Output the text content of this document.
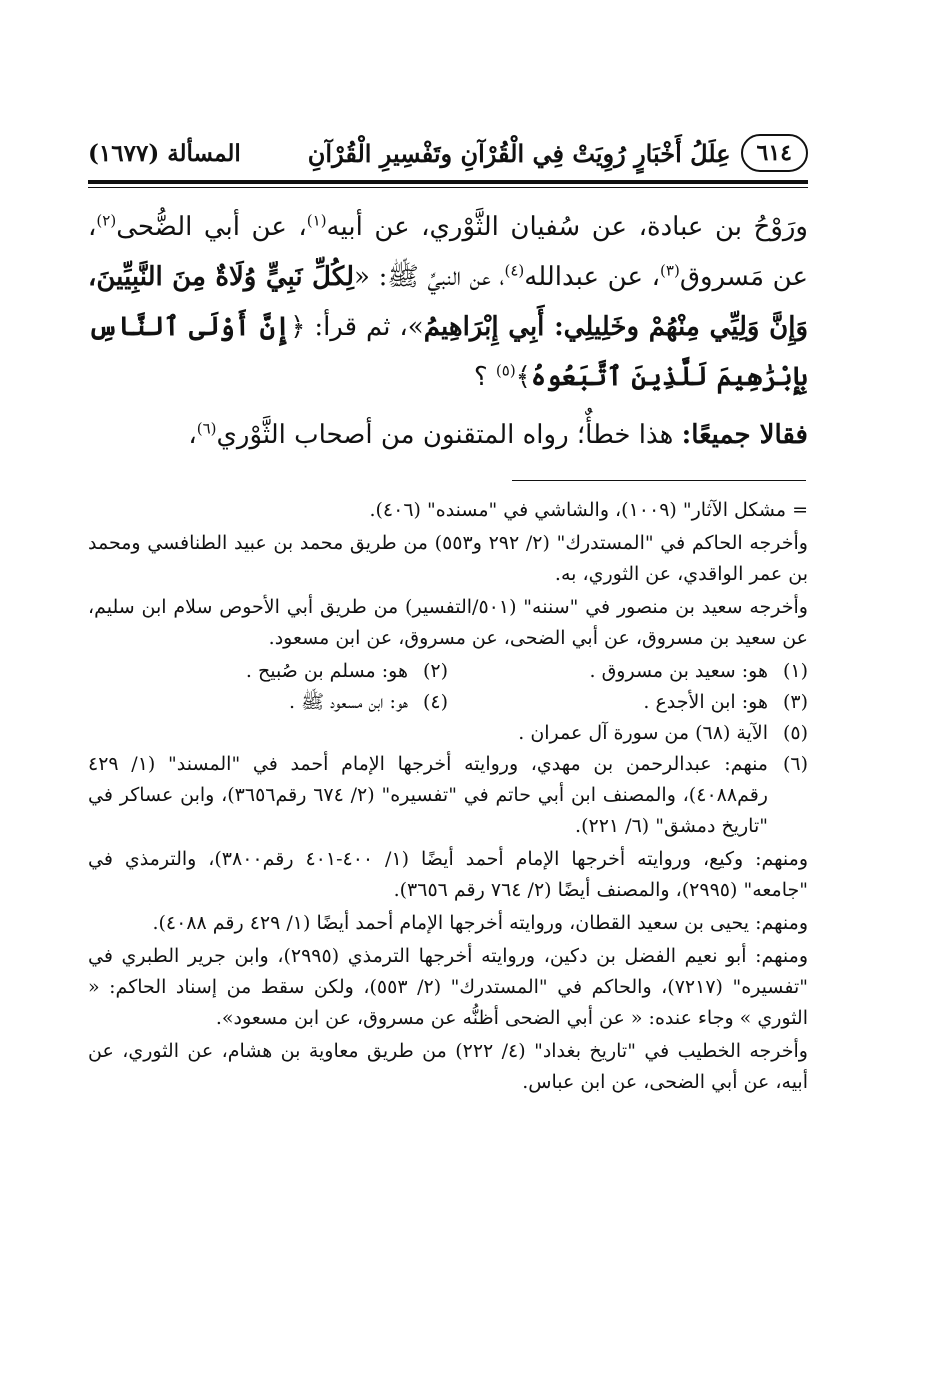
٦١٤
عِلَلُ أَخْبَارٍ رُوِيَتْ فِي الْقُرْآنِ وتَفْسِيرِ الْقُرْآنِ
المسألة (١٦٧٧)

ورَوْحُ بن عبادة، عن سُفيان الثَّوْري، عن أبيه$^{(١)}$، عن أبي الضُّحى$^{(٢)}$، عن مَسروق$^{(٣)}$، عن عبدالله$^{(٤)}$، عن النبيِّ ﷺ: «لِكُلِّ نَبِيٍّ وُلَاةٌ مِنَ النَّبِيِّينَ، وَإِنَّ وَلِيِّي مِنْهُمْ وخَلِيلِي: أَبِي إِبْرَاهِيمُ»، ثم قرأ: ﴿إِنَّ أَوْلَى ٱلنَّاسِ بِإِبْرَٰهِيمَ لَلَّذِينَ ٱتَّبَعُوهُ﴾$^{(٥)}$ ؟

فقالا جميعًا: هذا خطأٌ؛ رواه المتقنون من أصحاب الثَّوْري$^{(٦)}$،

= مشكل الآثار" (١٠٠٩)، والشاشي في "مسنده" (٤٠٦).

وأخرجه الحاكم في "المستدرك" (٢/ ٢٩٢ و٥٥٣) من طريق محمد بن عبيد الطنافسي ومحمد بن عمر الواقدي، عن الثوري، به.

وأخرجه سعيد بن منصور في "سننه" (٥٠١/التفسير) من طريق أبي الأحوص سلام ابن سليم، عن سعيد بن مسروق، عن أبي الضحى، عن مسروق، عن ابن مسعود.

(١)
هو: سعيد بن مسروق .
(٢)
هو: مسلم بن صُبيح .
(٣)
هو: ابن الأجدع .
(٤)
هو: ابن مسعود ﷺ .
(٥)
الآية (٦٨) من سورة آل عمران .
(٦)

منهم: عبدالرحمن بن مهدي، وروايته أخرجها الإمام أحمد في "المسند" (١/ ٤٢٩ رقم٤٠٨٨)، والمصنف ابن أبي حاتم في "تفسيره" (٢/ ٦٧٤ رقم٣٦٥٦)، وابن عساكر في "تاريخ دمشق" (٦/ ٢٢١).

ومنهم: وكيع، وروايته أخرجها الإمام أحمد أيضًا (١/ ٤٠٠-٤٠١ رقم٣٨٠٠)، والترمذي في "جامعه" (٢٩٩٥)، والمصنف أيضًا (٢/ ٧٦٤ رقم ٣٦٥٦).

ومنهم: يحيى بن سعيد القطان، وروايته أخرجها الإمام أحمد أيضًا (١/ ٤٢٩ رقم ٤٠٨٨).

ومنهم: أبو نعيم الفضل بن دكين، وروايته أخرجها الترمذي (٢٩٩٥)، وابن جرير الطبري في "تفسيره" (٧٢١٧)، والحاكم في "المستدرك" (٢/ ٥٥٣)، ولكن سقط من إسناد الحاكم: « الثوري » وجاء عنده: « عن أبي الضحى أظنُّه عن مسروق، عن ابن مسعود».

وأخرجه الخطيب في "تاريخ بغداد" (٤/ ٢٢٢) من طريق معاوية بن هشام، عن الثوري، عن أبيه، عن أبي الضحى، عن ابن عباس.
